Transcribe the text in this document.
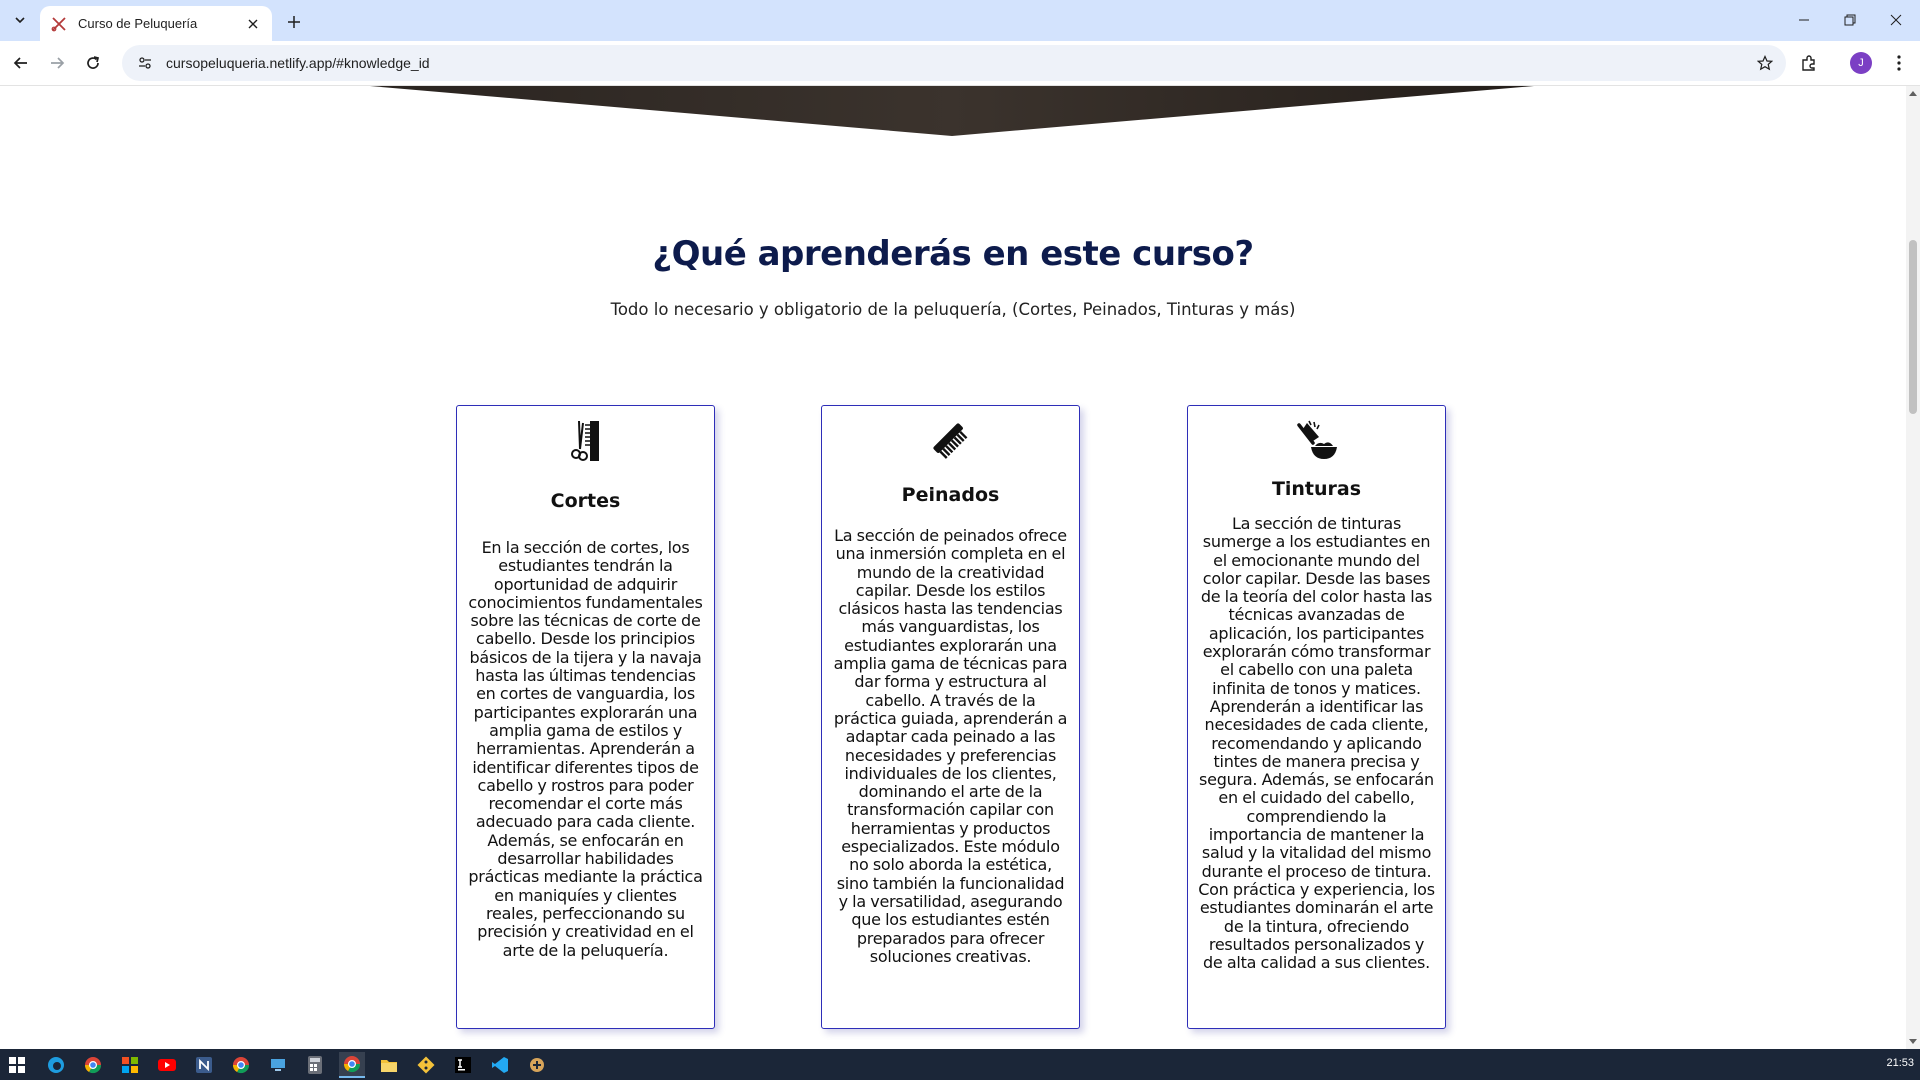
Curso de Peluquería
cursopeluqueria.netlify.app/#knowledge_id	J
¿Qué aprenderás en este curso?

Todo lo necesario y obligatorio de la peluquería, (Cortes, Peinados, Tinturas y más)

Cortes
En la sección de cortes, los estudiantes tendrán la oportunidad de adquirir conocimientos fundamentales sobre las técnicas de corte de cabello. Desde los principios básicos de la tijera y la navaja hasta las últimas tendencias en cortes de vanguardia, los participantes explorarán una amplia gama de estilos y herramientas. Aprenderán a identificar diferentes tipos de cabello y rostros para poder recomendar el corte más adecuado para cada cliente. Además, se enfocarán en desarrollar habilidades prácticas mediante la práctica en maniquíes y clientes reales, perfeccionando su precisión y creatividad en el arte de la peluquería.
Peinados
La sección de peinados ofrece una inmersión completa en el mundo de la creatividad capilar. Desde los estilos clásicos hasta las tendencias más vanguardistas, los estudiantes explorarán una amplia gama de técnicas para dar forma y estructura al cabello. A través de la práctica guiada, aprenderán a adaptar cada peinado a las necesidades y preferencias individuales de los clientes, dominando el arte de la transformación capilar con herramientas y productos especializados. Este módulo no solo aborda la estética, sino también la funcionalidad y la versatilidad, asegurando que los estudiantes estén preparados para ofrecer soluciones creativas.
Tinturas
La sección de tinturas sumerge a los estudiantes en el emocionante mundo del color capilar. Desde las bases de la teoría del color hasta las técnicas avanzadas de aplicación, los participantes explorarán cómo transformar el cabello con una paleta infinita de tonos y matices. Aprenderán a identificar las necesidades de cada cliente, recomendando y aplicando tintes de manera precisa y segura. Además, se enfocarán en el cuidado del cabello, comprendiendo la importancia de mantener la salud y la vitalidad del mismo durante el proceso de tintura. Con práctica y experiencia, los estudiantes dominarán el arte de la tintura, ofreciendo resultados personalizados y de alta calidad a sus clientes.
21:53
